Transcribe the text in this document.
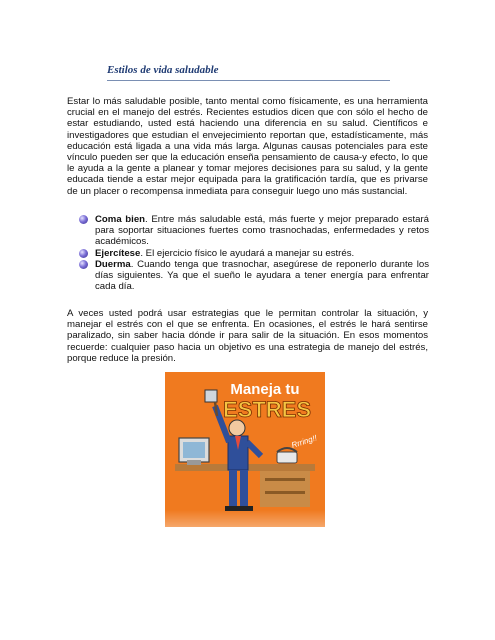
Estilos de vida saludable

Estar lo más saludable posible, tanto mental como físicamente, es una herramienta crucial en el manejo del estrés. Recientes estudios dicen que con sólo el hecho de estar estudiando, usted está haciendo una diferencia en su salud. Científicos e investigadores que estudian el envejecimiento reportan que, estadísticamente, más educación está ligada a una vida más larga. Algunas causas potenciales para este vínculo pueden ser que la educación enseña pensamiento de causa-y efecto, lo que le ayuda a la gente a planear y tomar mejores decisiones para su salud, y la gente educada tiende a estar mejor equipada para la gratificación tardía, que es privarse de un placer o recompensa inmediata para conseguir luego uno más sustancial.

Coma bien. Entre más saludable está, más fuerte y mejor preparado estará para soportar situaciones fuertes como trasnochadas, enfermedades y retos académicos.
Ejercítese. El ejercicio físico le ayudará a manejar su estrés.
Duerma. Cuando tenga que trasnochar, asegúrese de reponerlo durante los días siguientes. Ya que el sueño le ayudara a tener energía para enfrentar cada día.

A veces usted podrá usar estrategias que le permitan controlar la situación, y manejar el estrés con el que se enfrenta. En ocasiones, el estrés le hará sentirse paralizado, sin saber hacia dónde ir para salir de la situación. En esos momentos recuerde: cualquier paso hacia un objetivo es una estrategia de manejo del estrés, porque reduce la presión.

Maneja tu
ESTRES
Rrring!!
